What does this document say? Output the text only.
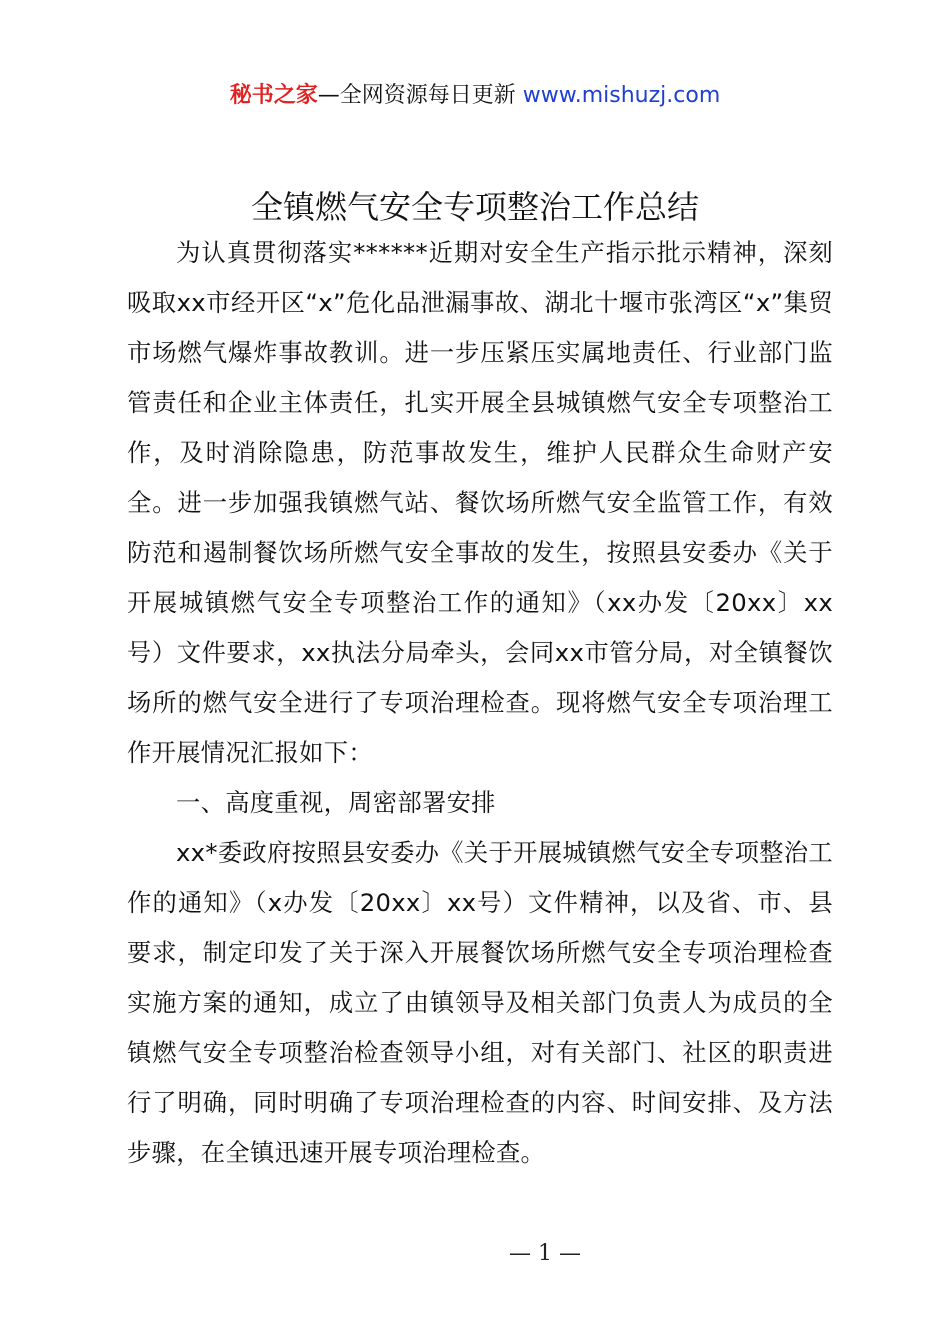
秘书之家—全网资源每日更新 www.mishuzj.com
全镇燃气安全专项整治工作总结

为认真贯彻落实******近期对安全生产指示批示精神，深刻吸取xx市经开区“x”危化品泄漏事故、湖北十堰市张湾区“x”集贸市场燃气爆炸事故教训。进一步压紧压实属地责任、行业部门监管责任和企业主体责任，扎实开展全县城镇燃气安全专项整治工作，及时消除隐患，防范事故发生，维护人民群众生命财产安全。进一步加强我镇燃气站、餐饮场所燃气安全监管工作，有效防范和遏制餐饮场所燃气安全事故的发生，按照县安委办《关于开展城镇燃气安全专项整治工作的通知》（xx办发〔20xx〕xx号）文件要求，xx执法分局牵头，会同xx市管分局，对全镇餐饮场所的燃气安全进行了专项治理检查。现将燃气安全专项治理工作开展情况汇报如下：

一、高度重视，周密部署安排

xx*委政府按照县安委办《关于开展城镇燃气安全专项整治工作的通知》（x办发〔20xx〕xx号）文件精神，以及省、市、县要求，制定印发了关于深入开展餐饮场所燃气安全专项治理检查实施方案的通知，成立了由镇领导及相关部门负责人为成员的全镇燃气安全专项整治检查领导小组，对有关部门、社区的职责进行了明确，同时明确了专项治理检查的内容、时间安排、及方法步骤，在全镇迅速开展专项治理检查。

— 1 —
